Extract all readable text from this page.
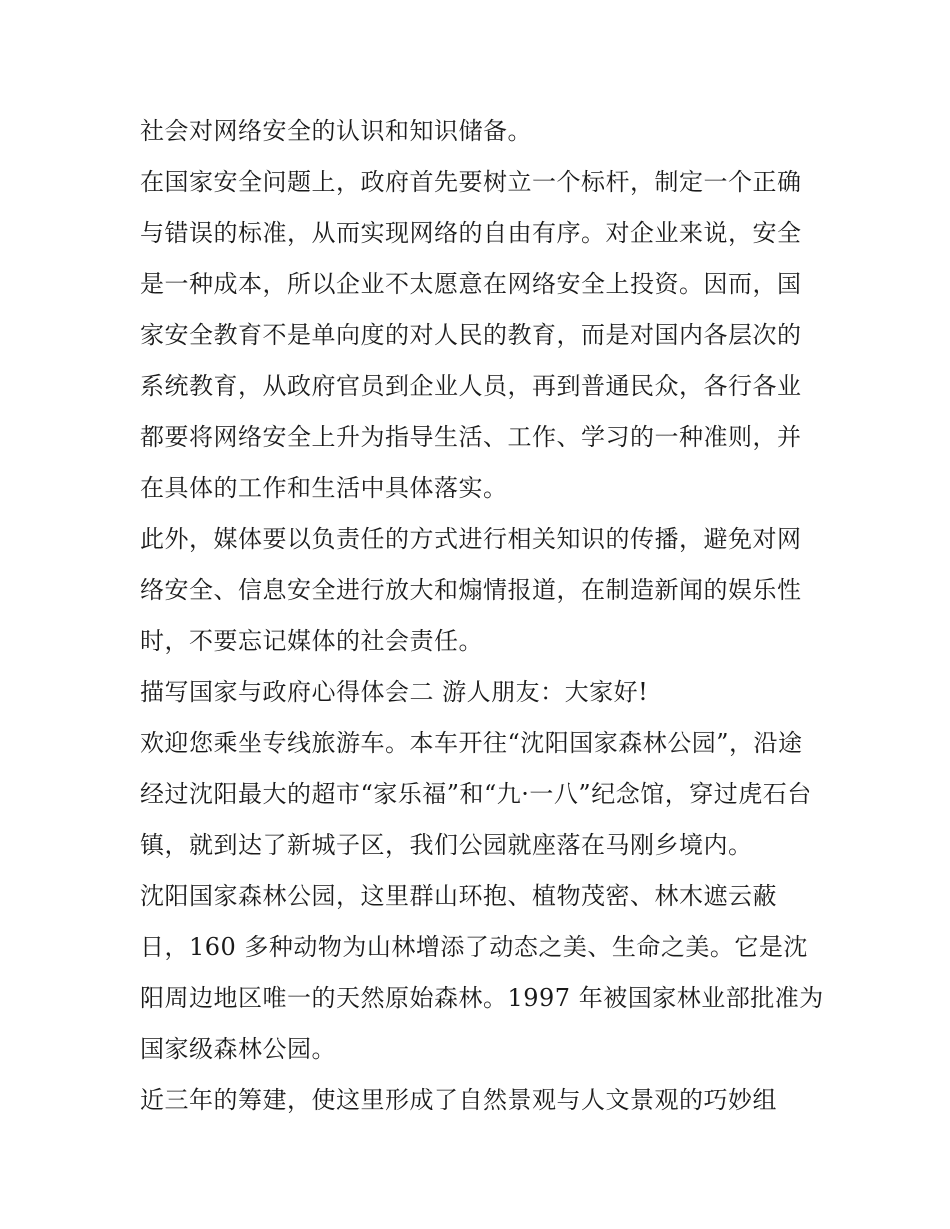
社会对网络安全的认识和知识储备。
在国家安全问题上，政府首先要树立一个标杆，制定一个正确
与错误的标准，从而实现网络的自由有序。对企业来说，安全
是一种成本，所以企业不太愿意在网络安全上投资。因而，国
家安全教育不是单向度的对人民的教育，而是对国内各层次的
系统教育，从政府官员到企业人员，再到普通民众，各行各业
都要将网络安全上升为指导生活、工作、学习的一种准则，并
在具体的工作和生活中具体落实。
此外，媒体要以负责任的方式进行相关知识的传播，避免对网
络安全、信息安全进行放大和煽情报道，在制造新闻的娱乐性
时，不要忘记媒体的社会责任。
描写国家与政府心得体会二 游人朋友：大家好!
欢迎您乘坐专线旅游车。本车开往“沈阳国家森林公园”，沿途
经过沈阳最大的超市“家乐福”和“九·一八”纪念馆，穿过虎石台
镇，就到达了新城子区，我们公园就座落在马刚乡境内。
沈阳国家森林公园，这里群山环抱、植物茂密、林木遮云蔽
日，160 多种动物为山林增添了动态之美、生命之美。它是沈
阳周边地区唯一的天然原始森林。1997 年被国家林业部批准为
国家级森林公园。
近三年的筹建，使这里形成了自然景观与人文景观的巧妙组
